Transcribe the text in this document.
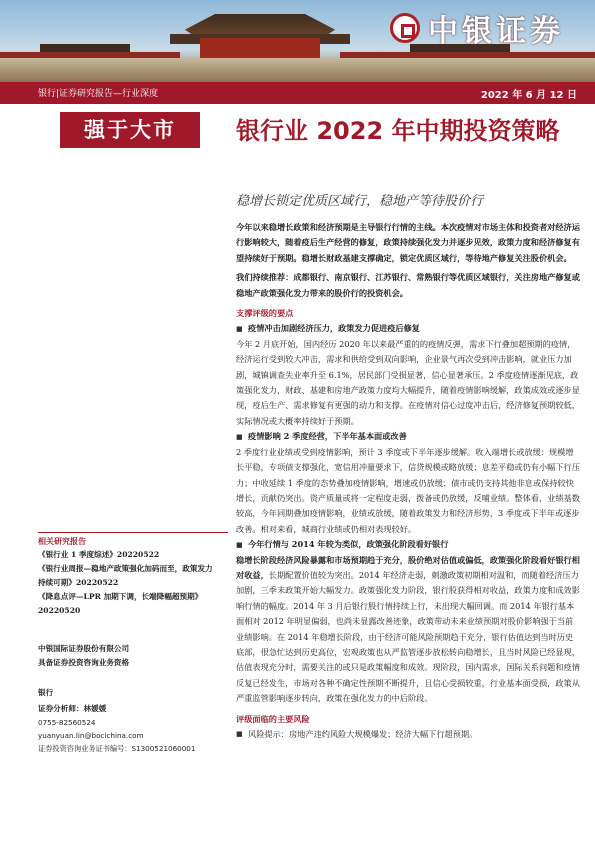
中银证券
银行|证券研究报告—行业深度	2022 年 6 月 12 日
强于大市	银行业 2022 年中期投资策略
稳增长锁定优质区域行，稳地产等待股价行

今年以来稳增长政策和经济预期是主导银行行情的主线。本次疫情对市场主体和投资者对经济运行影响较大，随着疫后生产经营的修复，政策持续强化发力并逐步见效，政策力度和经济修复有望持续好于预期。稳增长财政基建支撑确定，锁定优质区域行，等待地产修复关注股价机会。

我们持续推荐：成都银行、南京银行、江苏银行、常熟银行等优质区域银行，关注房地产修复或稳地产政策强化发力带来的股价行的投资机会。

支撑评级的要点

■ 疫情冲击加剧经济压力，政策发力促进疫后修复

今年 2 月底开始，国内经历 2020 年以来最严重的的疫情反弹，需求下行叠加超预期的疫情，经济运行受到较大冲击，需求和供给受到双向影响，企业景气再次受到冲击影响，就业压力加剧，城镇调查失业率升至 6.1%，居民部门受损显著，信心显著承压。2 季度疫情逐渐见底，政策强化发力，财政、基建和房地产政策力度均大幅提升，随着疫情影响缓解，政策成效或逐步显现，疫后生产、需求修复有更强的动力和支撑。在疫情对信心过度冲击后，经济修复预期较低，实际情况或大概率持续好于预期。

■ 疫情影响 2 季度经营，下半年基本面或改善

2 季度行业业绩或受到疫情影响，预计 3 季度或下半年逐步缓解。收入端增长或放缓：规模增长平稳，专项债支撑强化，宽信用冲量要求下，信贷规模或略放缓；息差平稳或仍有小幅下行压力；中收延续 1 季度的态势叠加疫情影响，增速或仍放缓；债市或仍支持其他非息或保持较快增长，贡献仍突出。资产质量或将一定程度走弱，拨备或仍放缓，反哺业绩。整体看，业绩基数较高，今年同期叠加疫情影响，业绩或放缓，随着政策发力和经济形势，3 季度或下半年或逐步改善。相对来看，城商行业绩或仍相对表现较好。

■ 今年行情与 2014 年较为类似，政策强化阶段看好银行

稳增长阶段经济风险暴露和市场预期趋于充分，股价绝对估值或偏低，政策强化阶段看好银行相对收益，长期配置价值较为突出。2014 年经济走弱，刺激政策初期相对温和，而随着经济压力加剧，三季末政策开始大幅发力。政策强化发力阶段，银行股获得相对收益，政策力度和成效影响行情的幅度。2014 年 3 月后银行股行情持续上行，未出现大幅回调。而 2014 年银行基本面相对 2012 年明显偏弱，也尚未显露改善迹象，政策带动未来业绩预期对股价影响强于当前业绩影响。在 2014 年稳增长阶段，由于经济可能风险预期趋于充分，银行估值达到当时历史底部，很急忙达到历史高位，宏观政策也从严监管逐步放松转向稳增长，且当时风险已经显现，估值表现充分时，需要关注的或只是政策幅度和成效。现阶段，国内需求，国际关系问题和疫情反复已经发生，市场对各种不确定性预期不断提升，且信心受损较重，行业基本面受损，政策从严重监管影响逐步转向，政策在强化发力的中后阶段。

评级面临的主要风险

■ 风险提示：房地产违约风险大规模爆发；经济大幅下行超预期。

相关研究报告
《银行业 1 季度综述》20220522
《银行业周报—稳地产政策强化加码而至，政策发力持续可期》20220522
《降息点评—LPR 加期下调，长端降幅超预期》20220520
中银国际证券股份有限公司
具备证券投资咨询业务资格
银行
证券分析师：林媛媛
0755-82560524
yuanyuan.lin@bocichina.com
证券投资咨询业务证书编号：S1300521060001
